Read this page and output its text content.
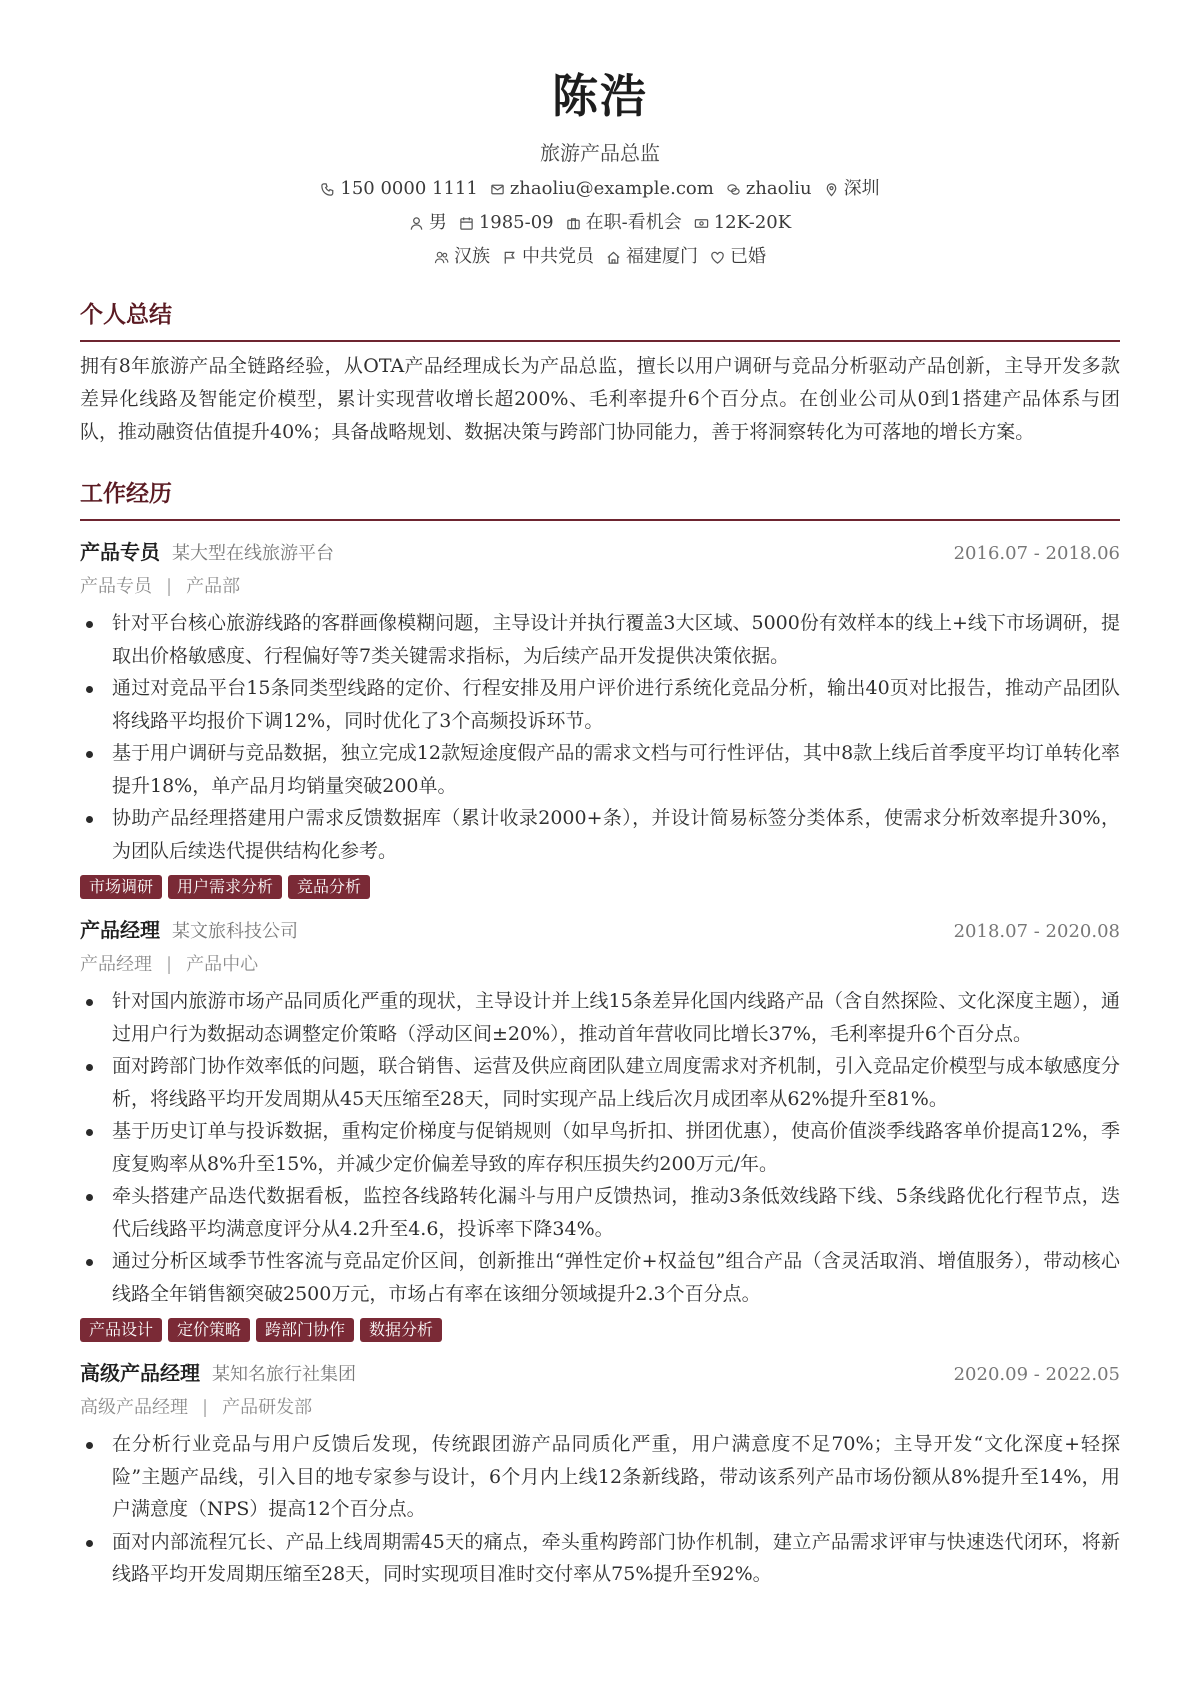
陈浩
旅游产品总监
150 0000 1111 zhaoliu@example.com zhaoliu 深圳
男 1985-09 在职-看机会 12K-20K
汉族 中共党员 福建厦门 已婚
个人总结
拥有8年旅游产品全链路经验，从OTA产品经理成长为产品总监，擅长以用户调研与竞品分析驱动产品创新，主导开发多款差异化线路及智能定价模型，累计实现营收增长超200%、毛利率提升6个百分点。在创业公司从0到1搭建产品体系与团队，推动融资估值提升40%；具备战略规划、数据决策与跨部门协同能力，善于将洞察转化为可落地的增长方案。
工作经历
产品专员 某大型在线旅游平台	2016.07 - 2018.06
产品专员 | 产品部
针对平台核心旅游线路的客群画像模糊问题，主导设计并执行覆盖3大区域、5000份有效样本的线上+线下市场调研，提取出价格敏感度、行程偏好等7类关键需求指标，为后续产品开发提供决策依据。
通过对竞品平台15条同类型线路的定价、行程安排及用户评价进行系统化竞品分析，输出40页对比报告，推动产品团队将线路平均报价下调12%，同时优化了3个高频投诉环节。
基于用户调研与竞品数据，独立完成12款短途度假产品的需求文档与可行性评估，其中8款上线后首季度平均订单转化率提升18%，单产品月均销量突破200单。
协助产品经理搭建用户需求反馈数据库（累计收录2000+条），并设计简易标签分类体系，使需求分析效率提升30%，为团队后续迭代提供结构化参考。
市场调研	用户需求分析	竞品分析
产品经理 某文旅科技公司	2018.07 - 2020.08
产品经理 | 产品中心
针对国内旅游市场产品同质化严重的现状，主导设计并上线15条差异化国内线路产品（含自然探险、文化深度主题），通过用户行为数据动态调整定价策略（浮动区间±20%），推动首年营收同比增长37%，毛利率提升6个百分点。
面对跨部门协作效率低的问题，联合销售、运营及供应商团队建立周度需求对齐机制，引入竞品定价模型与成本敏感度分析，将线路平均开发周期从45天压缩至28天，同时实现产品上线后次月成团率从62%提升至81%。
基于历史订单与投诉数据，重构定价梯度与促销规则（如早鸟折扣、拼团优惠），使高价值淡季线路客单价提高12%，季度复购率从8%升至15%，并减少定价偏差导致的库存积压损失约200万元/年。
牵头搭建产品迭代数据看板，监控各线路转化漏斗与用户反馈热词，推动3条低效线路下线、5条线路优化行程节点，迭代后线路平均满意度评分从4.2升至4.6，投诉率下降34%。
通过分析区域季节性客流与竞品定价区间，创新推出“弹性定价+权益包”组合产品（含灵活取消、增值服务），带动核心线路全年销售额突破2500万元，市场占有率在该细分领域提升2.3个百分点。
产品设计	定价策略	跨部门协作	数据分析
高级产品经理 某知名旅行社集团	2020.09 - 2022.05
高级产品经理 | 产品研发部
在分析行业竞品与用户反馈后发现，传统跟团游产品同质化严重，用户满意度不足70%；主导开发“文化深度+轻探险”主题产品线，引入目的地专家参与设计，6个月内上线12条新线路，带动该系列产品市场份额从8%提升至14%，用户满意度（NPS）提高12个百分点。
面对内部流程冗长、产品上线周期需45天的痛点，牵头重构跨部门协作机制，建立产品需求评审与快速迭代闭环，将新线路平均开发周期压缩至28天，同时实现项目准时交付率从75%提升至92%。
